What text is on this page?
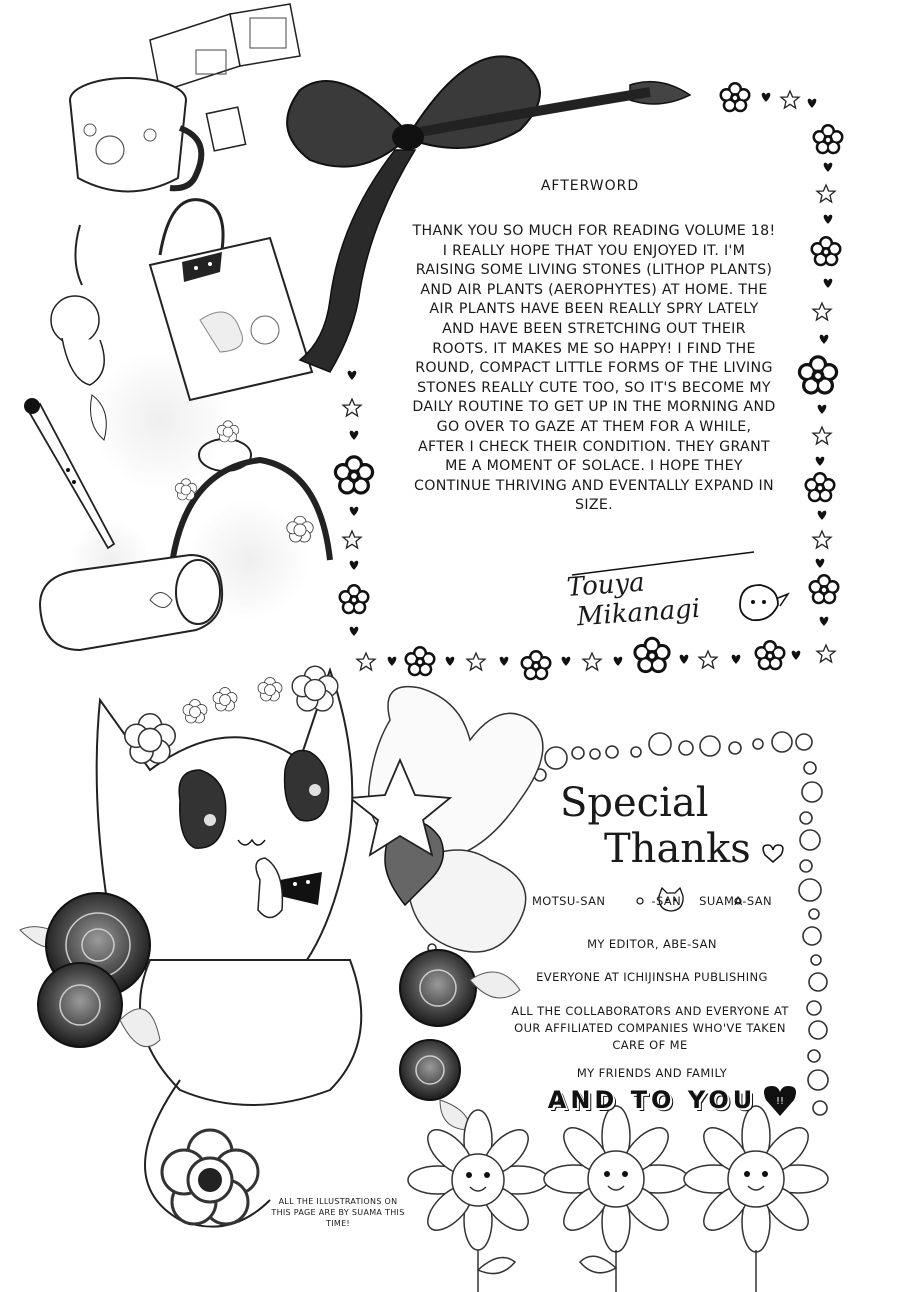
!!
AFTERWORD
THANK YOU SO MUCH FOR READING VOLUME 18! I REALLY HOPE THAT YOU ENJOYED IT. I'M RAISING SOME LIVING STONES (LITHOP PLANTS) AND AIR PLANTS (AEROPHYTES) AT HOME. THE AIR PLANTS HAVE BEEN REALLY SPRY LATELY AND HAVE BEEN STRETCHING OUT THEIR ROOTS. IT MAKES ME SO HAPPY! I FIND THE ROUND, COMPACT LITTLE FORMS OF THE LIVING STONES REALLY CUTE TOO, SO IT'S BECOME MY DAILY ROUTINE TO GET UP IN THE MORNING AND GO OVER TO GAZE AT THEM FOR A WHILE, AFTER I CHECK THEIR CONDITION. THEY GRANT ME A MOMENT OF SOLACE. I HOPE THEY CONTINUE THRIVING AND EVENTALLY EXPAND IN SIZE.
Touya
Mikanagi
Special
Thanks
MOTSU-SAN	-SAN SUAMA-SAN
MY EDITOR, ABE-SAN
EVERYONE AT ICHIJINSHA PUBLISHING
ALL THE COLLABORATORS AND EVERYONE AT OUR AFFILIATED COMPANIES WHO'VE TAKEN CARE OF ME
MY FRIENDS AND FAMILY
AND TO YOU
ALL THE ILLUSTRATIONS ON THIS PAGE ARE BY SUAMA THIS TIME!
